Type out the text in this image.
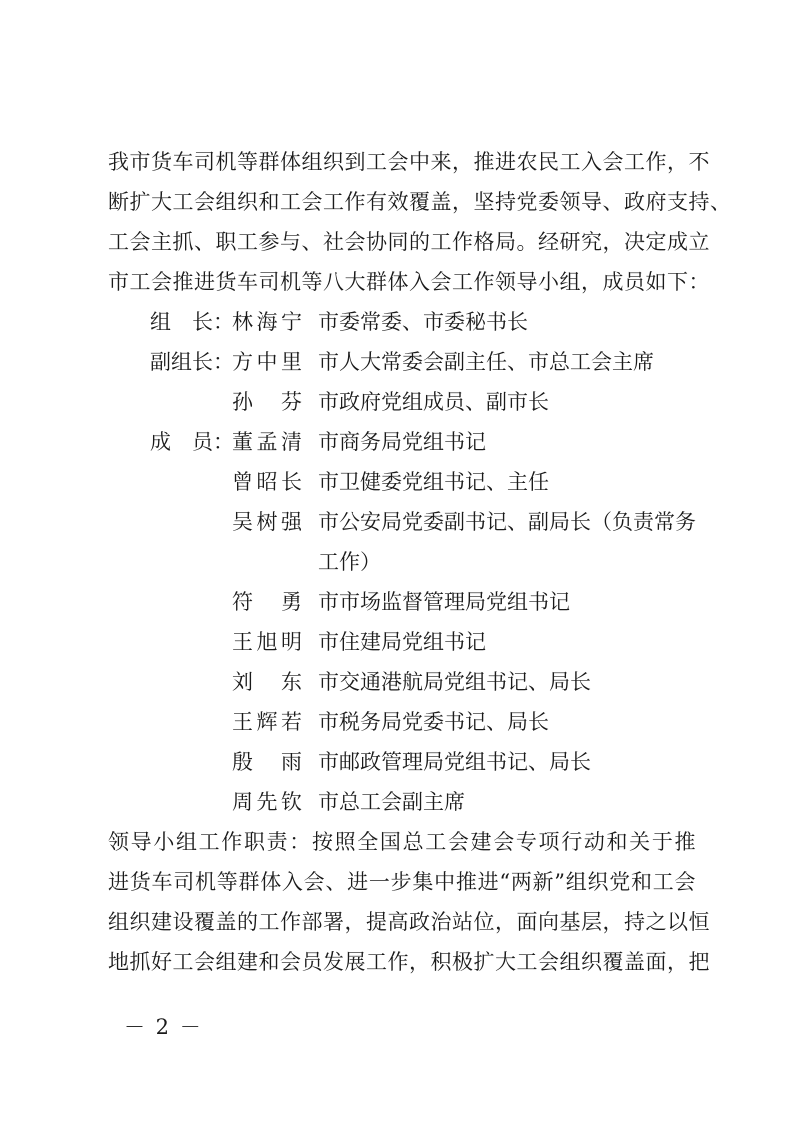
我市货车司机等群体组织到工会中来，推进农民工入会工作，不
断扩大工会组织和工会工作有效覆盖，坚持党委领导、政府支持、
工会主抓、职工参与、社会协同的工作格局。经研究，决定成立
市工会推进货车司机等八大群体入会工作领导小组，成员如下：
组　长：
林海宁 市委常委、市委秘书长
副组长：
方中里 市人大常委会副主任、市总工会主席
孙　芬 市政府党组成员、副市长
成　员：
董孟清 市商务局党组书记
曾昭长 市卫健委党组书记、主任
吴树强 市公安局党委副书记、副局长（负责常务
工作）
符　勇 市市场监督管理局党组书记
王旭明 市住建局党组书记
刘　东 市交通港航局党组书记、局长
王辉若 市税务局党委书记、局长
殷　雨 市邮政管理局党组书记、局长
周先钦 市总工会副主席
领导小组工作职责：按照全国总工会建会专项行动和关于推
进货车司机等群体入会、进一步集中推进“两新”组织党和工会
组织建设覆盖的工作部署，提高政治站位，面向基层，持之以恒
地抓好工会组建和会员发展工作，积极扩大工会组织覆盖面，把
－ 2 －
